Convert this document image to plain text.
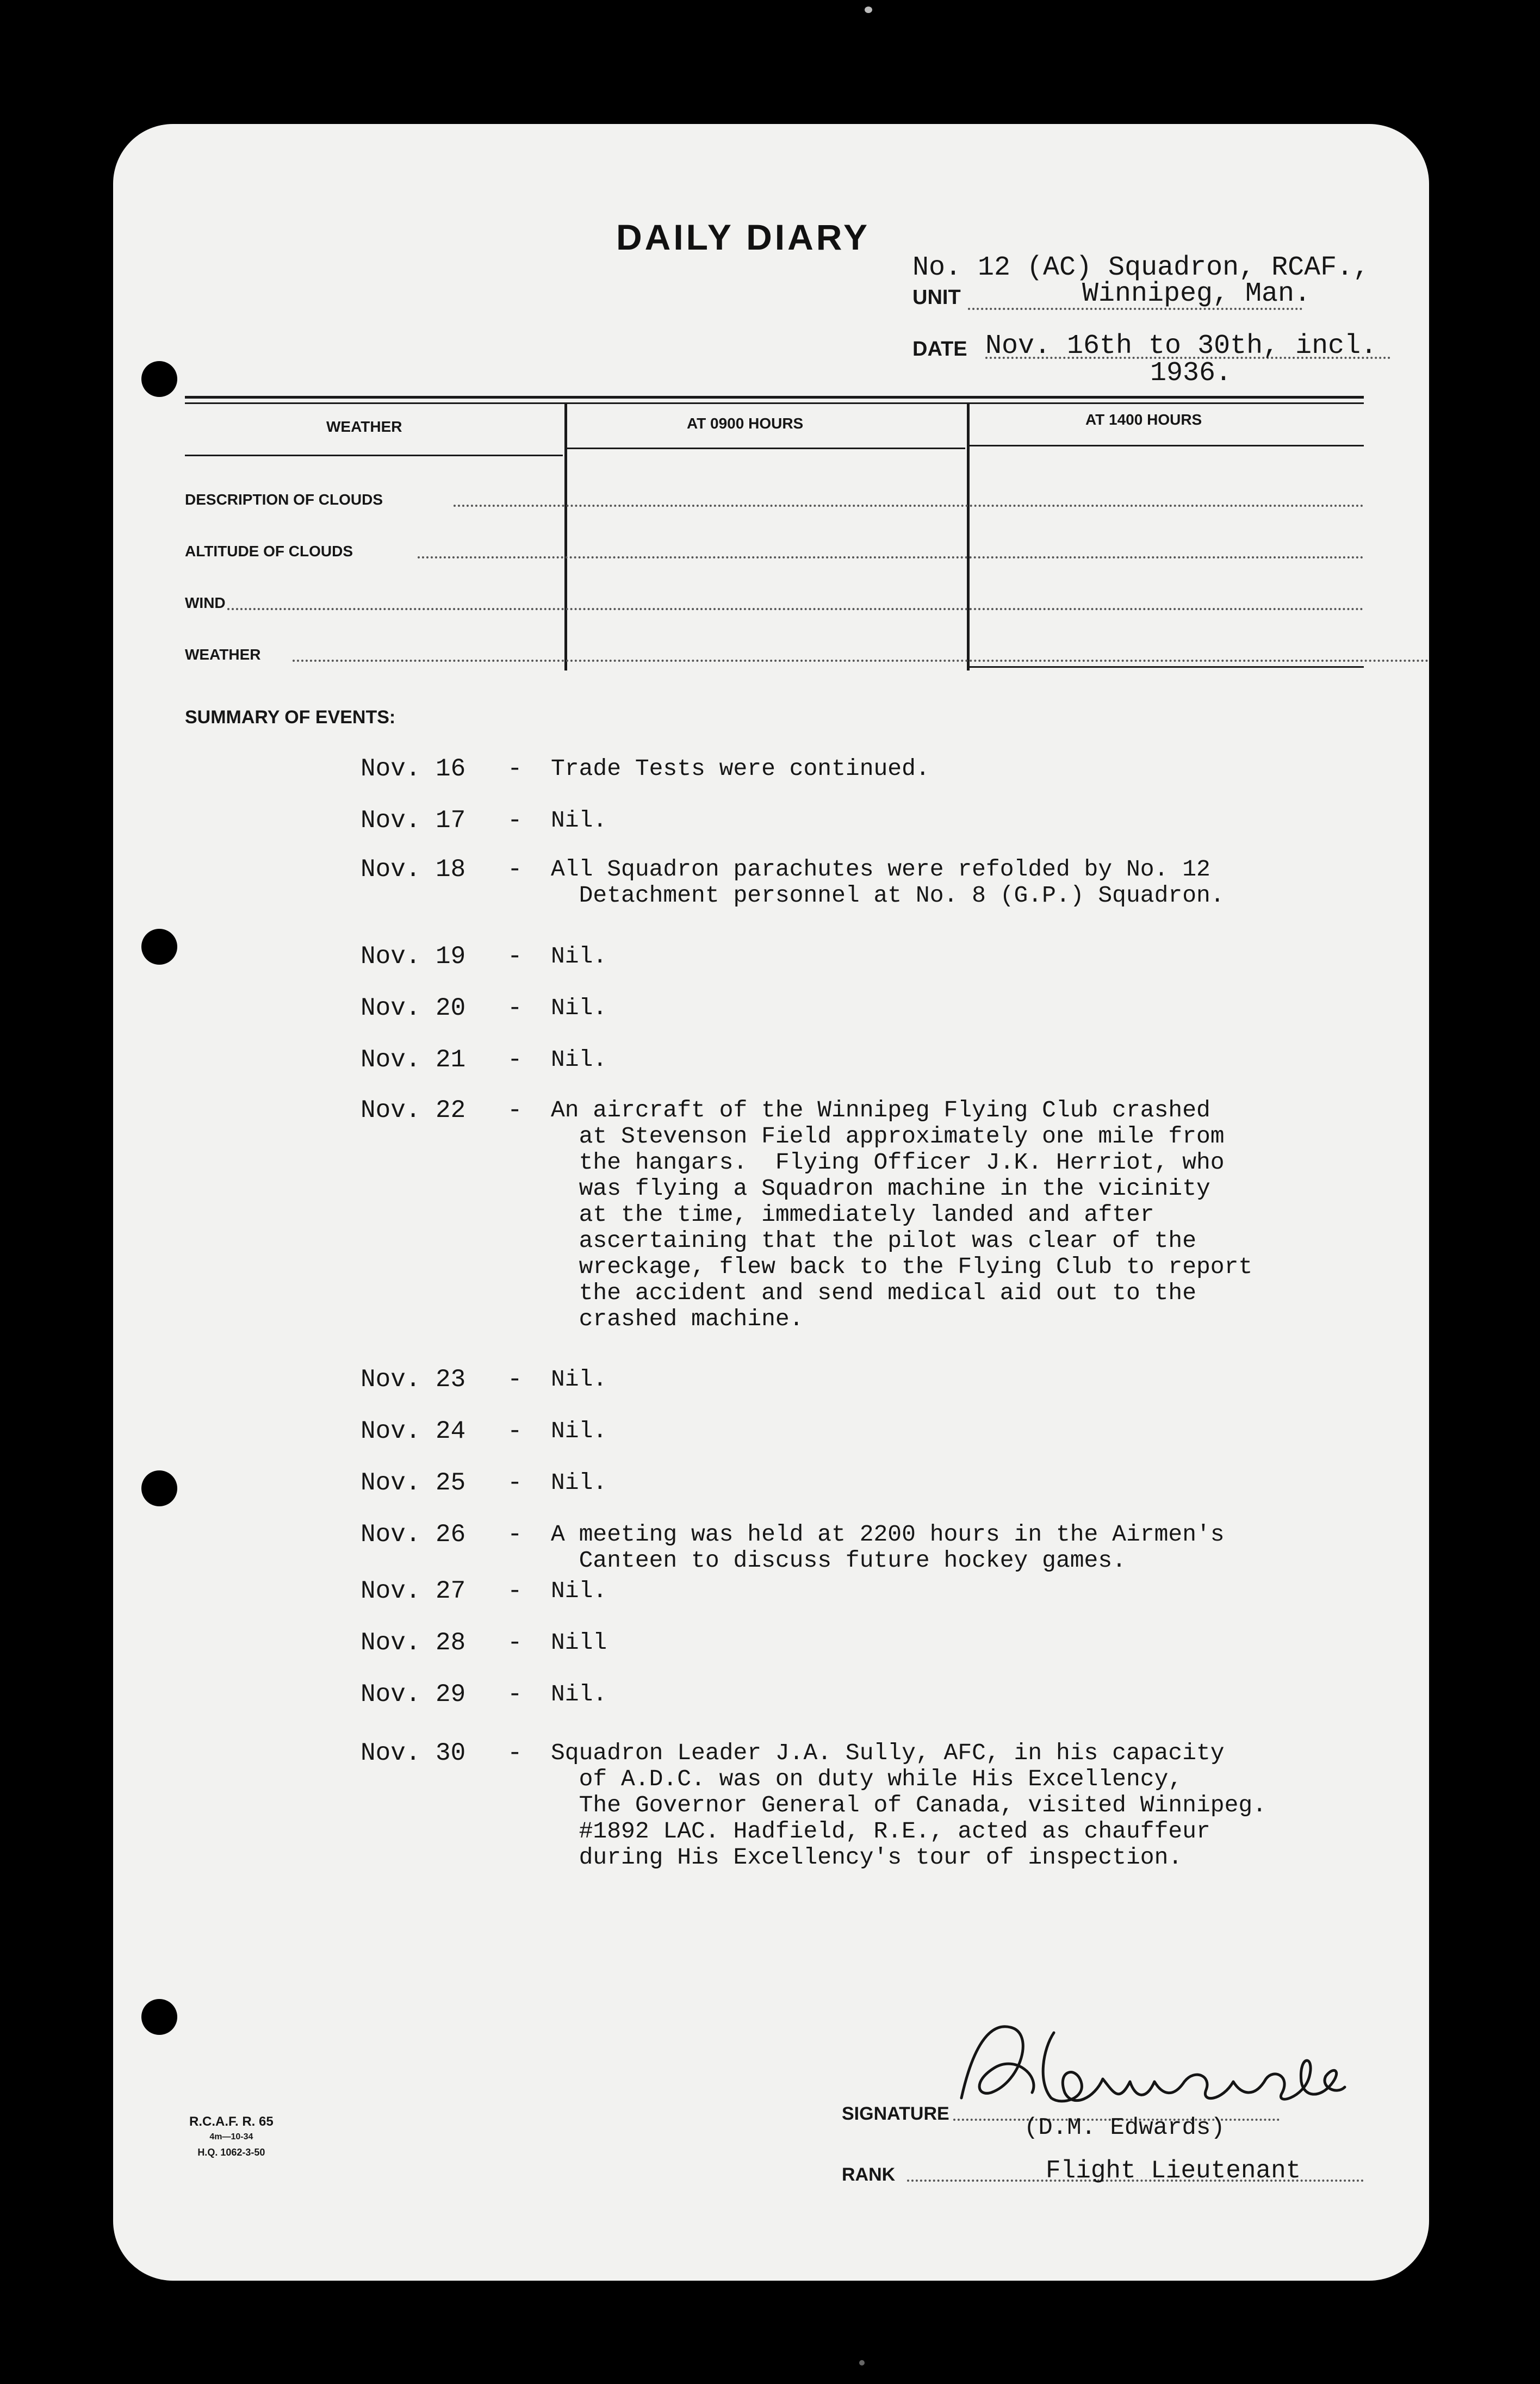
DAILY DIARY
No. 12 (AC) Squadron, RCAF.,
UNIT	Winnipeg, Man.
DATE Nov. 16th to 30th, incl.
1936.
WEATHER	AT 0900 HOURS	AT 1400 HOURS
DESCRIPTION OF CLOUDS
ALTITUDE OF CLOUDS
WIND
WEATHER
SUMMARY OF EVENTS:
Nov. 16 - Trade Tests were continued.
Nov. 17 - Nil.
Nov. 18 - All Squadron parachutes were refolded by No. 12
Detachment personnel at No. 8 (G.P.) Squadron.
Nov. 19 - Nil.
Nov. 20 - Nil.
Nov. 21 - Nil.
Nov. 22 - An aircraft of the Winnipeg Flying Club crashed
at Stevenson Field approximately one mile from
the hangars.  Flying Officer J.K. Herriot, who
was flying a Squadron machine in the vicinity
at the time, immediately landed and after
ascertaining that the pilot was clear of the
wreckage, flew back to the Flying Club to report
the accident and send medical aid out to the
crashed machine.
Nov. 23 - Nil.
Nov. 24 - Nil.
Nov. 25 - Nil.
Nov. 26 - A meeting was held at 2200 hours in the Airmen's
Canteen to discuss future hockey games.
Nov. 27 - Nil.
Nov. 28 - Nill
Nov. 29 - Nil.
Nov. 30 - Squadron Leader J.A. Sully, AFC, in his capacity
of A.D.C. was on duty while His Excellency,
The Governor General of Canada, visited Winnipeg.
#1892 LAC. Hadfield, R.E., acted as chauffeur
during His Excellency's tour of inspection.
R.C.A.F. R. 65
4m—10-34
H.Q. 1062-3-50
SIGNATURE
(D.M. Edwards)
RANK	Flight Lieutenant
